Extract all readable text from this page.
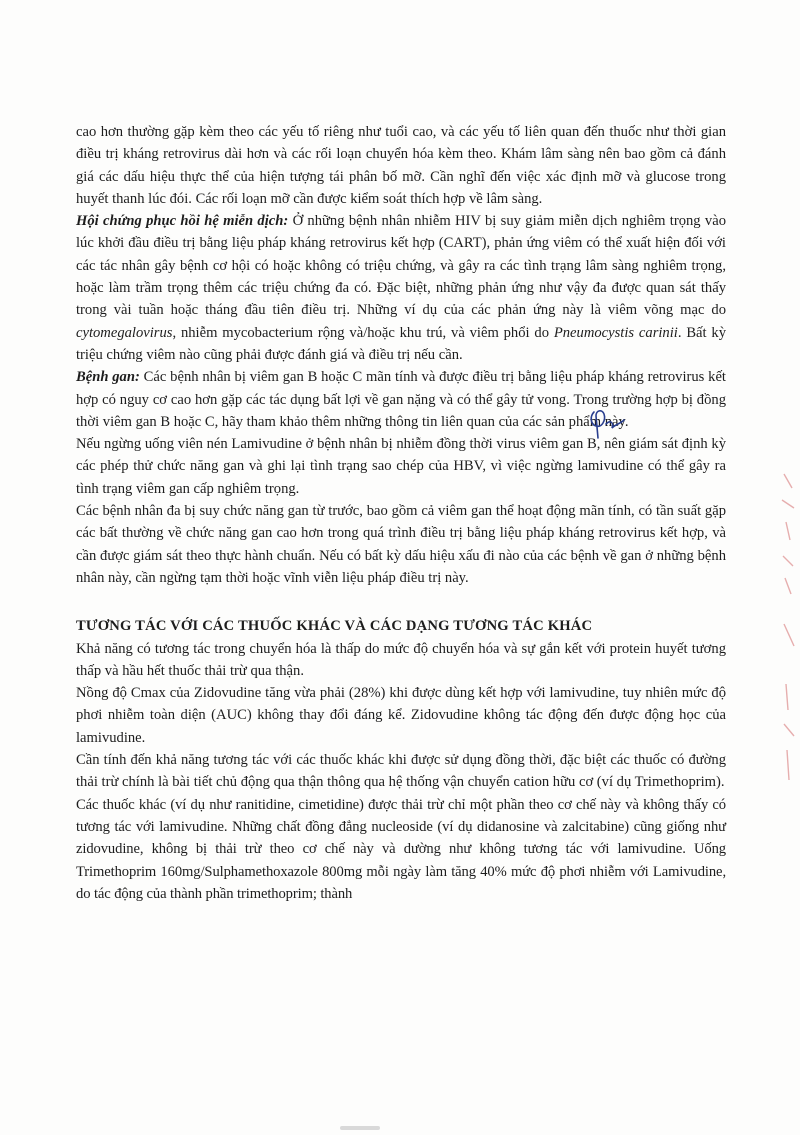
cao hơn thường gặp kèm theo các yếu tố riêng như tuổi cao, và các yếu tố liên quan đến thuốc như thời gian điều trị kháng retrovirus dài hơn và các rối loạn chuyển hóa kèm theo. Khám lâm sàng nên bao gồm cả đánh giá các dấu hiệu thực thể của hiện tượng tái phân bố mỡ. Cần nghĩ đến việc xác định mỡ và glucose trong huyết thanh lúc đói. Các rối loạn mỡ cần được kiểm soát thích hợp về lâm sàng.

Hội chứng phục hồi hệ miễn dịch: Ở những bệnh nhân nhiễm HIV bị suy giảm miễn dịch nghiêm trọng vào lúc khởi đầu điều trị bằng liệu pháp kháng retrovirus kết hợp (CART), phản ứng viêm có thể xuất hiện đối với các tác nhân gây bệnh cơ hội có hoặc không có triệu chứng, và gây ra các tình trạng lâm sàng nghiêm trọng, hoặc làm trầm trọng thêm các triệu chứng đa có. Đặc biệt, những phản ứng như vậy đa được quan sát thấy trong vài tuần hoặc tháng đầu tiên điều trị. Những ví dụ của các phản ứng này là viêm võng mạc do cytomegalovirus, nhiễm mycobacterium rộng và/hoặc khu trú, và viêm phổi do Pneumocystis carinii. Bất kỳ triệu chứng viêm nào cũng phải được đánh giá và điều trị nếu cần.

Bệnh gan: Các bệnh nhân bị viêm gan B hoặc C mãn tính và được điều trị bằng liệu pháp kháng retrovirus kết hợp có nguy cơ cao hơn gặp các tác dụng bất lợi về gan nặng và có thể gây tử vong. Trong trường hợp bị đồng thời viêm gan B hoặc C, hãy tham khảo thêm những thông tin liên quan của các sản phẩm này.

Nếu ngừng uống viên nén Lamivudine ở bệnh nhân bị nhiễm đồng thời virus viêm gan B, nên giám sát định kỳ các phép thử chức năng gan và ghi lại tình trạng sao chép của HBV, vì việc ngừng lamivudine có thể gây ra tình trạng viêm gan cấp nghiêm trọng.

Các bệnh nhân đa bị suy chức năng gan từ trước, bao gồm cả viêm gan thể hoạt động mãn tính, có tần suất gặp các bất thường về chức năng gan cao hơn trong quá trình điều trị bằng liệu pháp kháng retrovirus kết hợp, và cần được giám sát theo thực hành chuẩn. Nếu có bất kỳ dấu hiệu xấu đi nào của các bệnh về gan ở những bệnh nhân này, cần ngừng tạm thời hoặc vĩnh viễn liệu pháp điều trị này.

TƯƠNG TÁC VỚI CÁC THUỐC KHÁC VÀ CÁC DẠNG TƯƠNG TÁC KHÁC

Khả năng có tương tác trong chuyển hóa là thấp do mức độ chuyển hóa và sự gắn kết với protein huyết tương thấp và hầu hết thuốc thải trừ qua thận.

Nồng độ Cmax của Zidovudine tăng vừa phải (28%) khi được dùng kết hợp với lamivudine, tuy nhiên mức độ phơi nhiễm toàn diện (AUC) không thay đổi đáng kể. Zidovudine không tác động đến được động học của lamivudine.

Cần tính đến khả năng tương tác với các thuốc khác khi được sử dụng đồng thời, đặc biệt các thuốc có đường thải trừ chính là bài tiết chủ động qua thận thông qua hệ thống vận chuyển cation hữu cơ (ví dụ Trimethoprim).

Các thuốc khác (ví dụ như ranitidine, cimetidine) được thải trừ chỉ một phần theo cơ chế này và không thấy có tương tác với lamivudine. Những chất đồng đẳng nucleoside (ví dụ didanosine và zalcitabine) cũng giống như zidovudine, không bị thải trừ theo cơ chế này và dường như không tương tác với lamivudine. Uống Trimethoprim 160mg/Sulphamethoxazole 800mg mỗi ngày làm tăng 40% mức độ phơi nhiễm với Lamivudine, do tác động của thành phần trimethoprim; thành
